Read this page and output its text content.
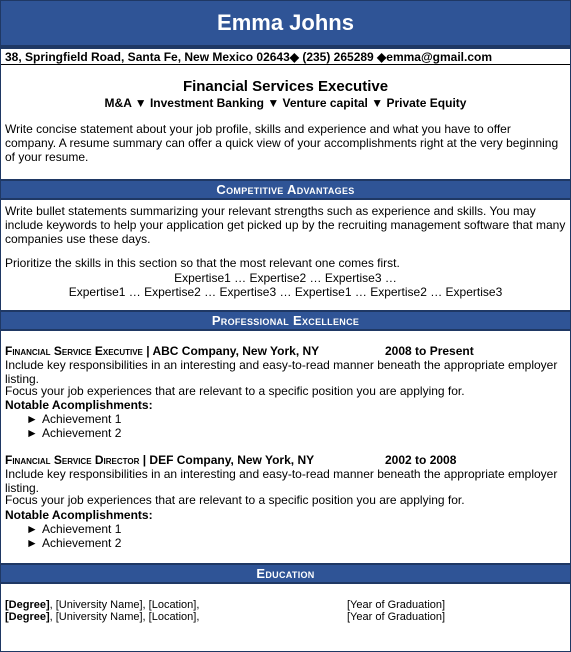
Emma Johns
38, Springfield Road, Santa Fe, New Mexico 02643◆ (235) 265289 ◆emma@gmail.com
Financial Services Executive
M&A ▼ Investment Banking ▼ Venture capital ▼ Private Equity
Write concise statement about your job profile, skills and experience and what you have to offer company. A resume summary can offer a quick view of your accomplishments right at the very beginning of your resume.
Competitive Advantages
Write bullet statements summarizing your relevant strengths such as experience and skills. You may include keywords to help your application get picked up by the recruiting management software that many companies use these days.
Prioritize the skills in this section so that the most relevant one comes first.
Expertise1 … Expertise2 … Expertise3 …
Expertise1 … Expertise2 … Expertise3 … Expertise1 … Expertise2 … Expertise3
Professional Excellence
Financial Service Executive | ABC Company, New York, NY	2008 to Present
Include key responsibilities in an interesting and easy-to-read manner beneath the appropriate employer listing.
Focus your job experiences that are relevant to a specific position you are applying for.
Notable Acomplishments:
► Achievement 1
► Achievement 2
Financial Service Director | DEF Company, New York, NY	2002 to 2008
Include key responsibilities in an interesting and easy-to-read manner beneath the appropriate employer listing.
Focus your job experiences that are relevant to a specific position you are applying for.
Notable Acomplishments:
► Achievement 1
► Achievement 2
Education
[Degree], [University Name], [Location],	[Year of Graduation]
[Degree], [University Name], [Location],	[Year of Graduation]
